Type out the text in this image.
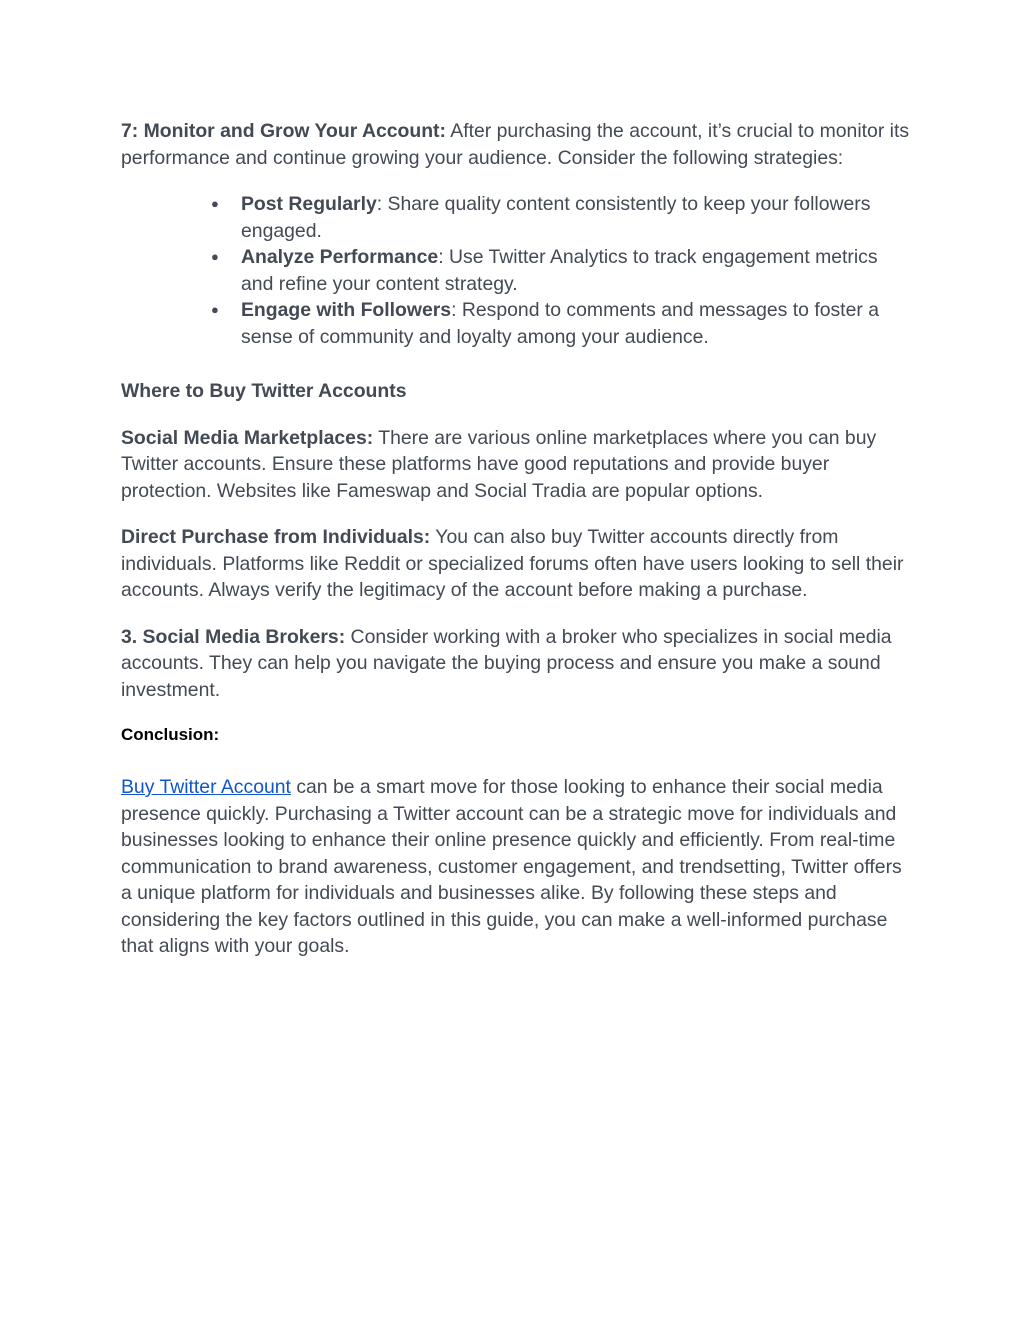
7: Monitor and Grow Your Account: After purchasing the account, it’s crucial to monitor its performance and continue growing your audience. Consider the following strategies:

● Post Regularly: Share quality content consistently to keep your followers engaged.
● Analyze Performance: Use Twitter Analytics to track engagement metrics and refine your content strategy.
● Engage with Followers: Respond to comments and messages to foster a sense of community and loyalty among your audience.

Where to Buy Twitter Accounts

Social Media Marketplaces: There are various online marketplaces where you can buy Twitter accounts. Ensure these platforms have good reputations and provide buyer protection. Websites like Fameswap and Social Tradia are popular options.

Direct Purchase from Individuals: You can also buy Twitter accounts directly from individuals. Platforms like Reddit or specialized forums often have users looking to sell their accounts. Always verify the legitimacy of the account before making a purchase.

3. Social Media Brokers: Consider working with a broker who specializes in social media accounts. They can help you navigate the buying process and ensure you make a sound investment.

Conclusion:

Buy Twitter Account can be a smart move for those looking to enhance their social media presence quickly. Purchasing a Twitter account can be a strategic move for individuals and businesses looking to enhance their online presence quickly and efficiently. From real-time communication to brand awareness, customer engagement, and trendsetting, Twitter offers a unique platform for individuals and businesses alike. By following these steps and considering the key factors outlined in this guide, you can make a well-informed purchase that aligns with your goals.
